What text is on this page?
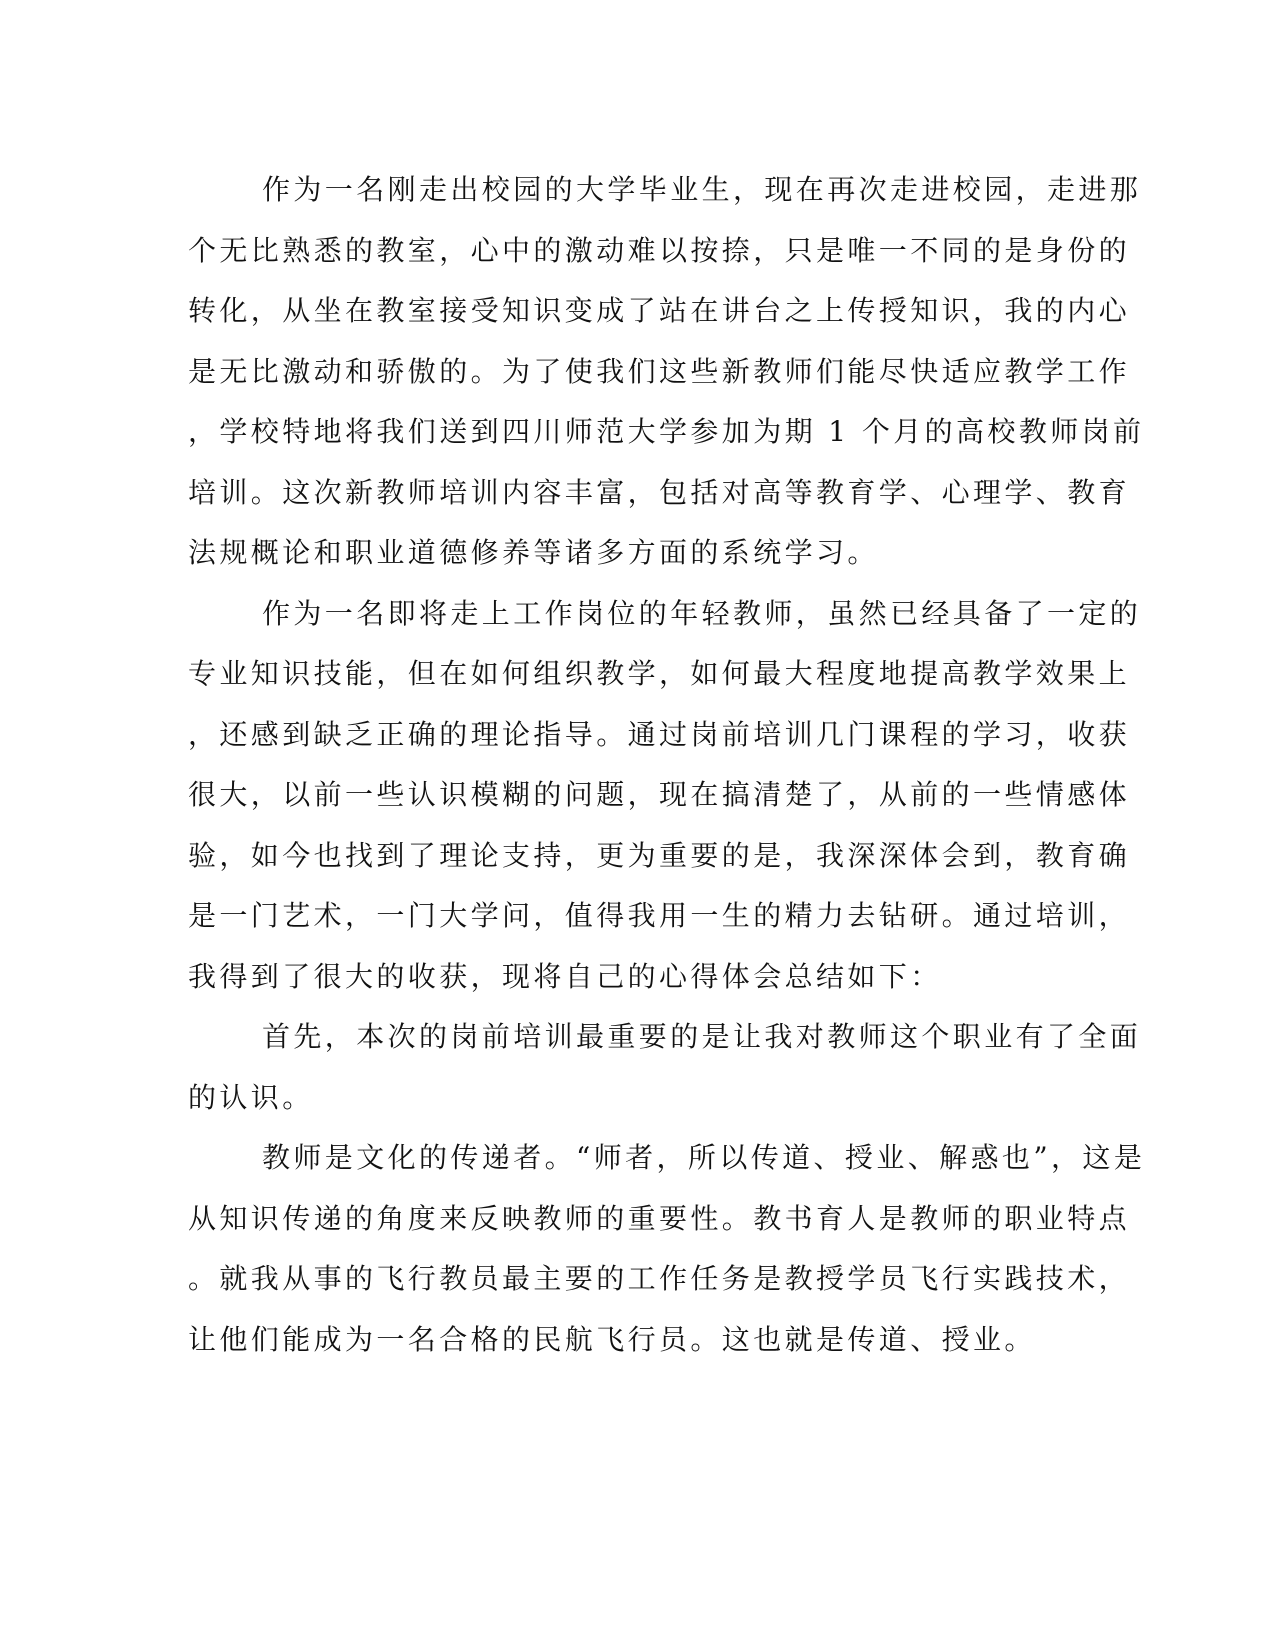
作为一名刚走出校园的大学毕业生，现在再次走进校园，走进那
个无比熟悉的教室，心中的激动难以按捺，只是唯一不同的是身份的
转化，从坐在教室接受知识变成了站在讲台之上传授知识，我的内心
是无比激动和骄傲的。为了使我们这些新教师们能尽快适应教学工作
，学校特地将我们送到四川师范大学参加为期 1 个月的高校教师岗前
培训。这次新教师培训内容丰富，包括对高等教育学、心理学、教育
法规概论和职业道德修养等诸多方面的系统学习。
作为一名即将走上工作岗位的年轻教师，虽然已经具备了一定的
专业知识技能，但在如何组织教学，如何最大程度地提高教学效果上
，还感到缺乏正确的理论指导。通过岗前培训几门课程的学习，收获
很大，以前一些认识模糊的问题，现在搞清楚了，从前的一些情感体
验，如今也找到了理论支持，更为重要的是，我深深体会到，教育确
是一门艺术，一门大学问，值得我用一生的精力去钻研。通过培训，
我得到了很大的收获，现将自己的心得体会总结如下：
首先，本次的岗前培训最重要的是让我对教师这个职业有了全面
的认识。
教师是文化的传递者。“师者，所以传道、授业、解惑也”，这是
从知识传递的角度来反映教师的重要性。教书育人是教师的职业特点
。就我从事的飞行教员最主要的工作任务是教授学员飞行实践技术，
让他们能成为一名合格的民航飞行员。这也就是传道、授业。
